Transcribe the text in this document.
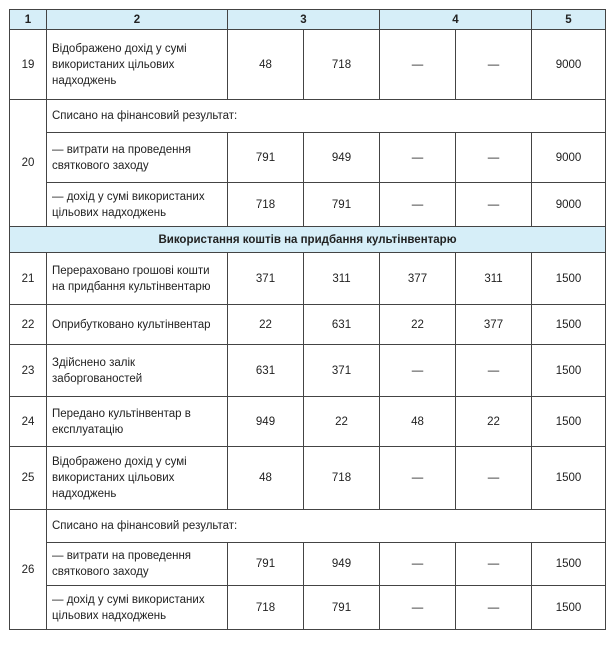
1	2	3		4		5
19	Відображено дохід у сумі використаних цільових надходжень	48	718	—	—	9000
20	Списано на фінансовий результат:					
	— витрати на проведення святкового заходу	791	949	—	—	9000
	— дохід у сумі використаних цільових надходжень	718	791	—	—	9000
Використання коштів на придбання культінвентарю						
21	Перераховано грошові кошти на придбання культінвентарю	371	311	377	311	1500
22	Оприбутковано культінвентар	22	631	22	377	1500
23	Здійснено залік заборгованостей	631	371	—	—	1500
24	Передано культінвентар в експлуатацію	949	22	48	22	1500
25	Відображено дохід у сумі використаних цільових надходжень	48	718	—	—	1500
26	Списано на фінансовий результат:					
	— витрати на проведення святкового заходу	791	949	—	—	1500
	— дохід у сумі використаних цільових надходжень	718	791	—	—	1500
